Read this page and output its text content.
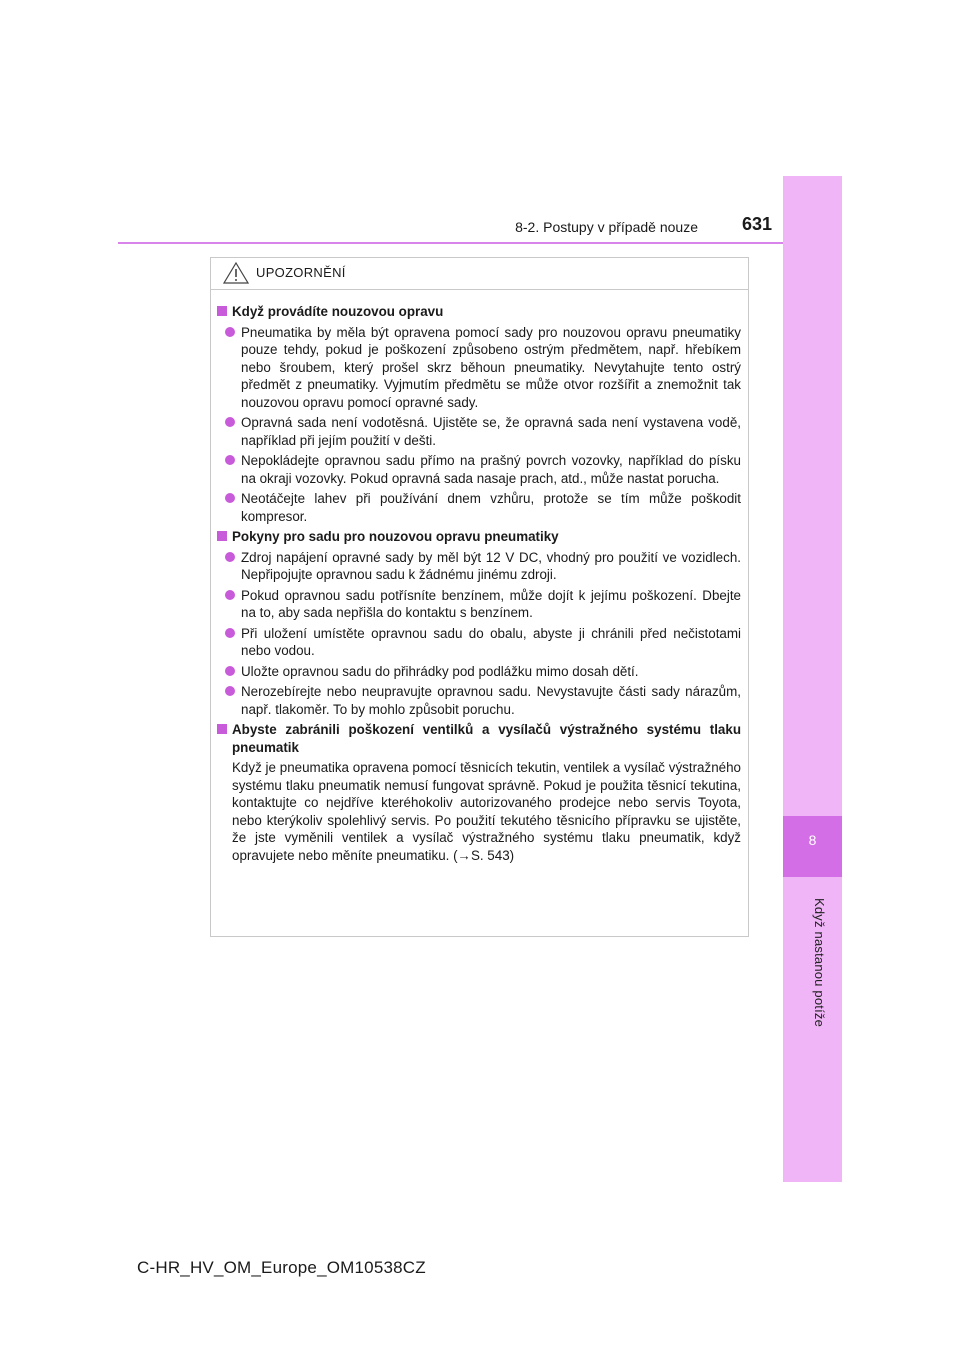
8
Když nastanou potíže
8-2. Postupy v případě nouze 631
UPOZORNĚNÍ
Když provádíte nouzovou opravu
Pneumatika by měla být opravena pomocí sady pro nouzovou opravu pneumatiky pouze tehdy, pokud je poškození způsobeno ostrým předmětem, např. hřebíkem nebo šroubem, který prošel skrz běhoun pneumatiky. Nevytahujte tento ostrý předmět z pneumatiky. Vyjmutím předmětu se může otvor rozšířit a znemožnit tak nouzovou opravu pomocí opravné sady.
Opravná sada není vodotěsná. Ujistěte se, že opravná sada není vystavena vodě, například při jejím použití v dešti.
Nepokládejte opravnou sadu přímo na prašný povrch vozovky, například do písku na okraji vozovky. Pokud opravná sada nasaje prach, atd., může nastat porucha.
Neotáčejte lahev při používání dnem vzhůru, protože se tím může poškodit kompresor.
Pokyny pro sadu pro nouzovou opravu pneumatiky
Zdroj napájení opravné sady by měl být 12 V DC, vhodný pro použití ve vozidlech. Nepřipojujte opravnou sadu k žádnému jinému zdroji.
Pokud opravnou sadu potřísníte benzínem, může dojít k jejímu poškození. Dbejte na to, aby sada nepřišla do kontaktu s benzínem.
Při uložení umístěte opravnou sadu do obalu, abyste ji chránili před nečistotami nebo vodou.
Uložte opravnou sadu do přihrádky pod podlážku mimo dosah dětí.
Nerozebírejte nebo neupravujte opravnou sadu. Nevystavujte části sady nárazům, např. tlakoměr. To by mohlo způsobit poruchu.
Abyste zabránili poškození ventilků a vysílačů výstražného systému tlaku pneumatik
Když je pneumatika opravena pomocí těsnicích tekutin, ventilek a vysílač výstražného systému tlaku pneumatik nemusí fungovat správně. Pokud je použita těsnicí tekutina, kontaktujte co nejdříve kteréhokoliv autorizovaného prodejce nebo servis Toyota, nebo kterýkoliv spolehlivý servis. Po použití tekutého těsnicího přípravku se ujistěte, že jste vyměnili ventilek a vysílač výstražného systému tlaku pneumatik, když opravujete nebo měníte pneumatiku. (→S. 543)
C-HR_HV_OM_Europe_OM10538CZ
